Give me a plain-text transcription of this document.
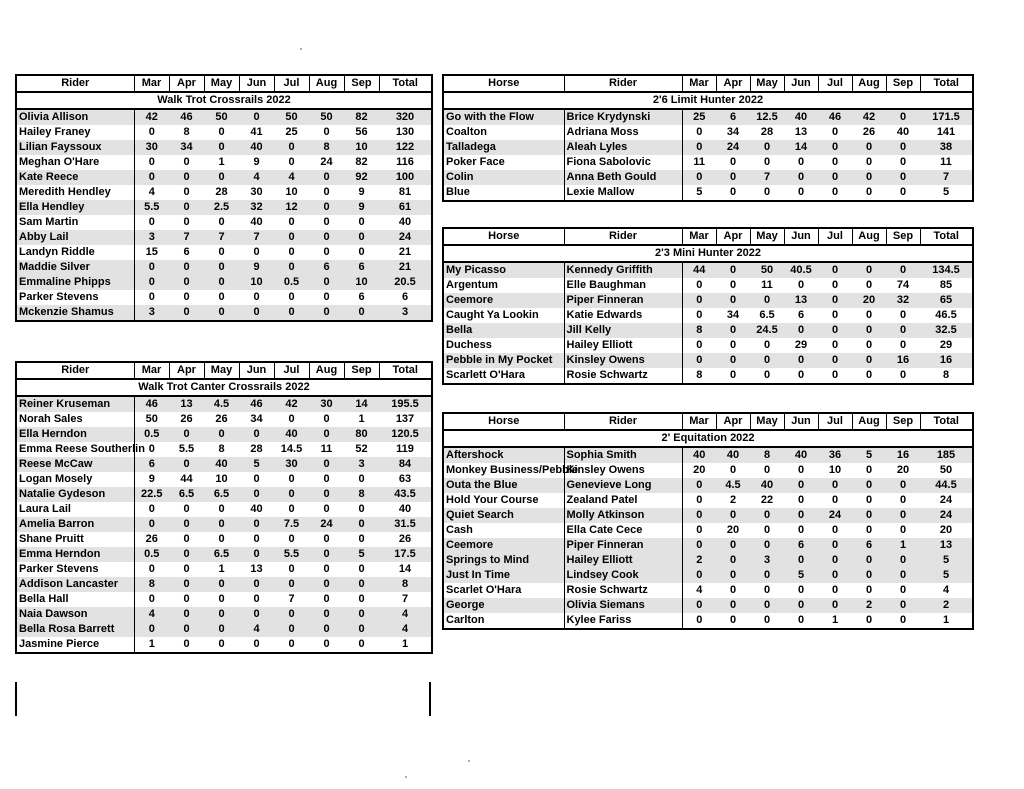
Rider	Mar	Apr	May	Jun	Jul	Aug	Sep	Total
Walk Trot Crossrails 2022								
Olivia Allison	42	46	50	0	50	50	82	320
Hailey Franey	0	8	0	41	25	0	56	130
Lilian Fayssoux	30	34	0	40	0	8	10	122
Meghan O'Hare	0	0	1	9	0	24	82	116
Kate Reece	0	0	0	4	4	0	92	100
Meredith Hendley	4	0	28	30	10	0	9	81
Ella Hendley	5.5	0	2.5	32	12	0	9	61
Sam Martin	0	0	0	40	0	0	0	40
Abby Lail	3	7	7	7	0	0	0	24
Landyn Riddle	15	6	0	0	0	0	0	21
Maddie Silver	0	0	0	9	0	6	6	21
Emmaline Phipps	0	0	0	10	0.5	0	10	20.5
Parker Stevens	0	0	0	0	0	0	6	6
Mckenzie Shamus	3	0	0	0	0	0	0	3
Rider	Mar	Apr	May	Jun	Jul	Aug	Sep	Total
Walk Trot Canter Crossrails 2022								
Reiner Kruseman	46	13	4.5	46	42	30	14	195.5
Norah Sales	50	26	26	34	0	0	1	137
Ella Herndon	0.5	0	0	0	40	0	80	120.5
Emma Reese Southerlin	0	5.5	8	28	14.5	11	52	119
Reese McCaw	6	0	40	5	30	0	3	84
Logan Mosely	9	44	10	0	0	0	0	63
Natalie Gydeson	22.5	6.5	6.5	0	0	0	8	43.5
Laura Lail	0	0	0	40	0	0	0	40
Amelia Barron	0	0	0	0	7.5	24	0	31.5
Shane Pruitt	26	0	0	0	0	0	0	26
Emma Herndon	0.5	0	6.5	0	5.5	0	5	17.5
Parker Stevens	0	0	1	13	0	0	0	14
Addison Lancaster	8	0	0	0	0	0	0	8
Bella Hall	0	0	0	0	7	0	0	7
Naia Dawson	4	0	0	0	0	0	0	4
Bella Rosa Barrett	0	0	0	4	0	0	0	4
Jasmine Pierce	1	0	0	0	0	0	0	1
Horse	Rider	Mar	Apr	May	Jun	Jul	Aug	Sep	Total
2'6 Limit Hunter 2022									
Go with the Flow	Brice Krydynski	25	6	12.5	40	46	42	0	171.5
Coalton	Adriana Moss	0	34	28	13	0	26	40	141
Talladega	Aleah Lyles	0	24	0	14	0	0	0	38
Poker Face	Fiona Sabolovic	11	0	0	0	0	0	0	11
Colin	Anna Beth Gould	0	0	7	0	0	0	0	7
Blue	Lexie Mallow	5	0	0	0	0	0	0	5
Horse	Rider	Mar	Apr	May	Jun	Jul	Aug	Sep	Total
2'3 Mini Hunter 2022									
My Picasso	Kennedy Griffith	44	0	50	40.5	0	0	0	134.5
Argentum	Elle Baughman	0	0	11	0	0	0	74	85
Ceemore	Piper Finneran	0	0	0	13	0	20	32	65
Caught Ya Lookin	Katie Edwards	0	34	6.5	6	0	0	0	46.5
Bella	Jill Kelly	8	0	24.5	0	0	0	0	32.5
Duchess	Hailey Elliott	0	0	0	29	0	0	0	29
Pebble in My Pocket	Kinsley Owens	0	0	0	0	0	0	16	16
Scarlett O'Hara	Rosie Schwartz	8	0	0	0	0	0	0	8
Horse	Rider	Mar	Apr	May	Jun	Jul	Aug	Sep	Total
2' Equitation 2022									
Aftershock	Sophia Smith	40	40	8	40	36	5	16	185
Monkey Business/Pebble	Kinsley Owens	20	0	0	0	10	0	20	50
Outa the Blue	Genevieve Long	0	4.5	40	0	0	0	0	44.5
Hold Your Course	Zealand Patel	0	2	22	0	0	0	0	24
Quiet Search	Molly Atkinson	0	0	0	0	24	0	0	24
Cash	Ella Cate Cece	0	20	0	0	0	0	0	20
Ceemore	Piper Finneran	0	0	0	6	0	6	1	13
Springs to Mind	Hailey Elliott	2	0	3	0	0	0	0	5
Just In Time	Lindsey Cook	0	0	0	5	0	0	0	5
Scarlet O'Hara	Rosie Schwartz	4	0	0	0	0	0	0	4
George	Olivia Siemans	0	0	0	0	0	2	0	2
Carlton	Kylee Fariss	0	0	0	0	1	0	0	1
